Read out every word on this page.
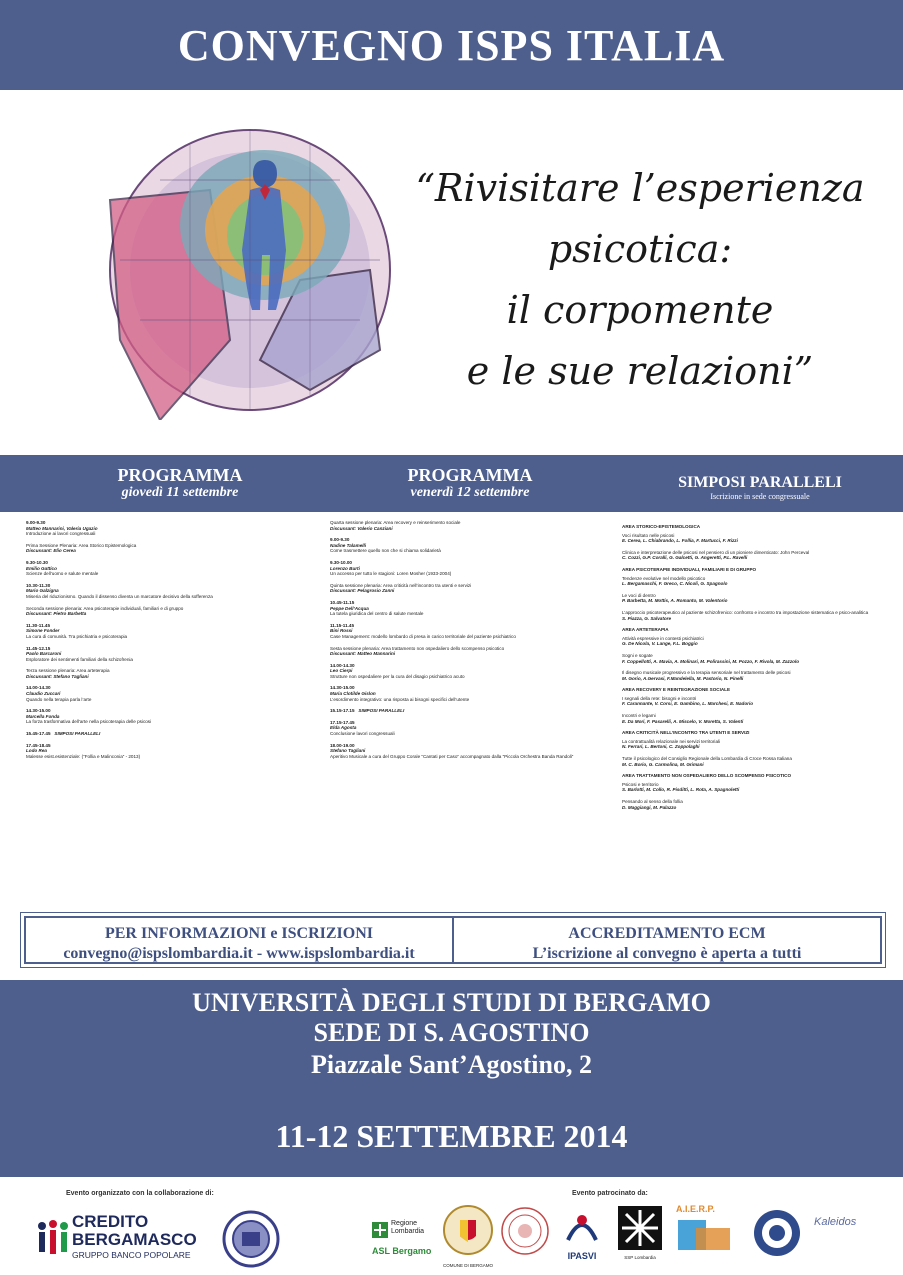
CONVEGNO ISPS ITALIA
“Rivisitare l’esperienza
psicotica:
il corpomente
e le sue relazioni”
PROGRAMMA
giovedì 11 settembre
PROGRAMMA
venerdì 12 settembre
SIMPOSI PARALLELI
Iscrizione in sede congressuale
9.00-9.30
Matteo Mannarini, Valeria Ugazio
Introduzione ai lavori congressuali
Prima Sessione Plenaria: Area Storico Epistemologica
Discussant: Elio Cerea
9.30-10.30
Emilio Gattico
Scienze dell’uomo e salute mentale
10.30-11.30
Mario Galzigna
Miseria del riduzionismo. Quando il dissenso diventa un marcatore decisivo della sofferenza
Seconda sessione plenaria: Area psicoterapie individuali, familiari e di gruppo
Discussant: Pietro Barbetta
11.30-11.45
Simone Fonder
La cura di comunità. Tra psichiatria e psicoterapia
11.45-12.15
Paolo Barcaroni
Esploratore dei sentimenti familiari della schizofrenia
Terza sessione plenaria: Area arteterapia
Discussant: Stefano Tagliani
14.00-14.30
Claudio Zuccari
Quando nella terapia parla l’arte
14.30-15.00
Marcella Fonda
La forza trasformativa dell’arte nella psicoterapia delle psicosi
15.45-17.45 SIMPOSI PARALLELI
17.45-18.45
Lodo Rea
Malesse esist.esistenziale: (“Follia e Malinconia” - 2013)
Quarta sessione plenaria: Area recovery e reinserimento sociale
Discussant: Valerio Canziani
9.00-9.30
Nadine Talamelli
Come trasmettere quello non che si chiama solidarietà
9.30-10.00
Lorenzo Burti
Un accesso per tutto le stagioni: Loren Mosher (1933-2004)
Quinta sessione plenaria: Area criticità nell’incontro tra utenti e servizi
Discussant: Pelagrosio Zanni
10.45-11.15
Peppe Dell’Acqua
La tutela giuridica del centro di salute mentale
11.15-11.45
Bini Rossi
Case Management: modello lombardo di presa in carico territoriale del paziente psichiatrico
Sesta sessione plenaria: Area trattamento non ospedaliero dello scompenso psicotico
Discussant: Matteo Mannarini
14.00-14.30
Leo Cierpi
Strutture non ospedaliere per la cura del disagio psichiatrico acuto
14.30-15.00
Maria Clotilde Gislon
L’esordimento integrativo: una risposta ai bisogni specifici dell’utente
15.15-17.15 SIMPOSI PARALLELI
17.15-17.45
Elda Agosta
Conclusione lavori congressuali
18.00-19.00
Stefano Tagliani
Aperitivo Musicale a cura del Gruppo Corale “Cantati per Caso” accompagnato dalla “Piccola Orchestra Banda Randoli”
AREA STORICO-EPISTEMOLOGICA
Voci risultato nelle psicosi
E. Cerea, L. Chiabrando, L. Follia, F. Martucci, F. Rizzi
Clinica e interpretazione delle psicosi nel pensiero di un pioniere dimenticato: John Perceval
C. Cozzi, G.P. Coralli, G. Galcetti, G. Angeretti, P.L. Ravelli
AREA PSICOTERAPIE INDIVIDUALI, FAMILIARI E DI GRUPPO
Tendenze evolutive nel modello psicotico
L. Bergamaschi, F. Greco, C. Nicoli, G. Spagnolo
Le voci di dentro
P. Barbetta, M. Mottis, A. Romanto, M. Valentorio
L’approccio psicoterapeutico al paziente schizofrenico: confronto e incontro tra impostazione sistematica e psico-analitica
S. Piazza, G. Salvatore
AREA ARTETERAPIA
Attività espressive in contesti psichiatrici
G. De Nicola, V. Lange, F.L. Boggio
Sogni e sogate
F. Coppellotti, A. Mavia, A. Molinari, M. Polirassini, M. Pozzo, F. Rivola, M. Zazzolo
Il disegno musicale progressivo e la terapia sensoriale nel trattamento delle psicosi
M. Gorio, A.Gervasi, F.Mandelella, M. Pastorio, N. Pinelli
AREA RECOVERY E REINTEGRAZIONE SOCIALE
I segnali della rete: bisogni e incontri
F. Carannante, V. Corsi, E. Gambino, L. Marchesi, E. Nadorio
Incontri e legami
E. Da Mori, F. Pasarelli, A. Miscelo, V. Moretta, S. Valenti
AREA CRITICITÀ NELL’INCONTRO TRA UTENTI E SERVIZI
La contrattualità relazionale nei servizi territoriali
N. Ferrari, L. Bertoni, C. Zoppolaghi
Tutte il psicologico del Consiglio Regionale della Lombardia di Croce Rossa Italiana
M. C. Borio, G. Carmolina, M. Grimani
AREA TRATTAMENTO NON OSPEDALIERO DELLO SCOMPENSO PSICOTICO
Psicosi e territorio
S. Barlotti, M. Collo, R. Pisditti, L. Rota, A. Spagnoletti
Pensando al senso della follia
D. Maggiangi, M. Palazzo
PER INFORMAZIONI e ISCRIZIONI
convegno@ispslombardia.it - www.ispslombardia.it
ACCREDITAMENTO ECM
L’iscrizione al convegno è aperta a tutti
UNIVERSITÀ DEGLI STUDI DI BERGAMO
SEDE DI S. AGOSTINO
Piazzale Sant’Agostino, 2
11-12 SETTEMBRE 2014
Evento organizzato con la collaborazione di:	Evento patrocinato da:
CREDITO
BERGAMASCO
GRUPPO BANCO POPOLARE
Regione
Lombardia
ASL Bergamo
COMUNE DI BERGAMO
IPASVI	SSP Lombardia
A.I.E.R.P.
Kaleidos
